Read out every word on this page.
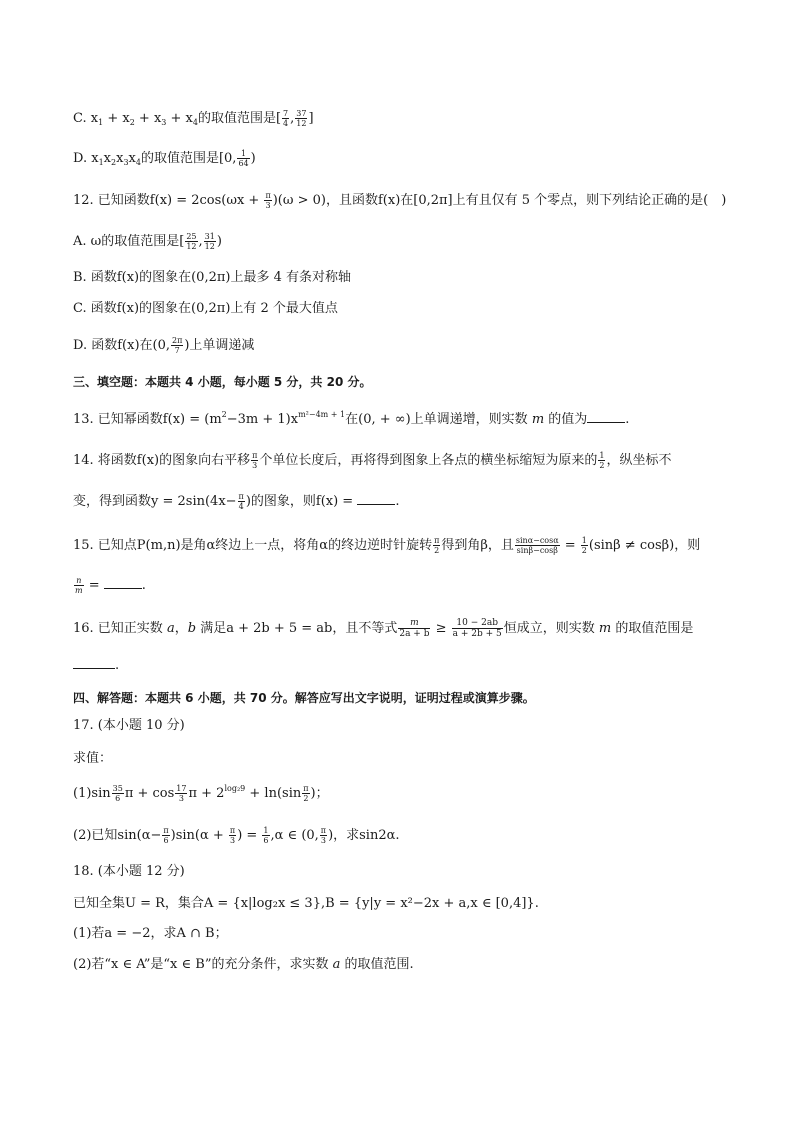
C. $x_1 + x_2 + x_3 + x_4$的取值范围是[ $\frac{7}{4}$ , $\frac{37}{12}$ ]
D. $x_1x_2x_3x_4$的取值范围是[0, $\frac{1}{64}$ )
12. 已知函数$f(x) = 2\cos(\omega x + \frac{\pi}{3} )(\omega > 0)$，且函数f(x)在[0,2π]上有且仅有 5 个零点，则下列结论正确的是(　)
A. ω的取值范围是[ $\frac{25}{12}$ , $\frac{31}{12}$ )
B. 函数f(x)的图象在(0,2π)上最多 4 有条对称轴
C. 函数f(x)的图象在(0,2π)上有 2 个最大值点
D. 函数f(x)在(0, $\frac{2\pi}{7}$ )上单调递减
三、填空题：本题共 4 小题，每小题 5 分，共 20 分。
13. 已知幂函数$f(x) = (m^2-3m + 1)x^{m^2-4m + 1}$在(0, + ∞)上单调递增，则实数 m 的值为	.
14. 将函数f(x)的图象向右平移 $\frac{\pi}{3}$ 个单位长度后，再将得到图象上各点的横坐标缩短为原来的 $\frac{1}{2}$ ，纵坐标不
变，得到函数$y = 2\sin(4x- \frac{\pi}{4}$ )的图象，则f(x) =	.
15. 已知点P(m,n)是角α终边上一点，将角α的终边逆时针旋转 $\frac{\pi}{2}$ 得到角β，且 $\frac{\sin\alpha-\cos\alpha}{\sin\beta-\cos\beta} = \frac{1}{2} (\sin\beta \ne \cos\beta)$，则
$\frac{n}{m}$ =	.
16. 已知正实数 a，b 满足a + 2b + 5 = ab，且不等式 $\frac{m}{2a + b} \ge \frac{10 - 2ab}{a + 2b + 5}$ 恒成立，则实数 m 的取值范围是
.
四、解答题：本题共 6 小题，共 70 分。解答应写出文字说明，证明过程或演算步骤。
17. (本小题 10 分)
求值：
$(1)\sin \frac{35}{6}$ $\pi + \cos \frac{17}{3}$ $\pi + 2^{log_29} + \ln(\sin \frac{\pi}{2}$ )；
(2)已知$\sin(\alpha- \frac{\pi}{6} )\sin(\alpha + \frac{\pi}{3}$ ) = $\frac{1}{6} ,\alpha$ ∈ (0, $\frac{\pi}{3}$ )，求sin2α.
18. (本小题 12 分)
已知全集U = R，集合A = {x|log₂x ≤ 3},B = {y|y = x²−2x + a,x ∈ [0,4]}.
(1)若a = −2，求A ∩ B；
(2)若“x ∈ A”是“x ∈ B”的充分条件，求实数 a 的取值范围.
